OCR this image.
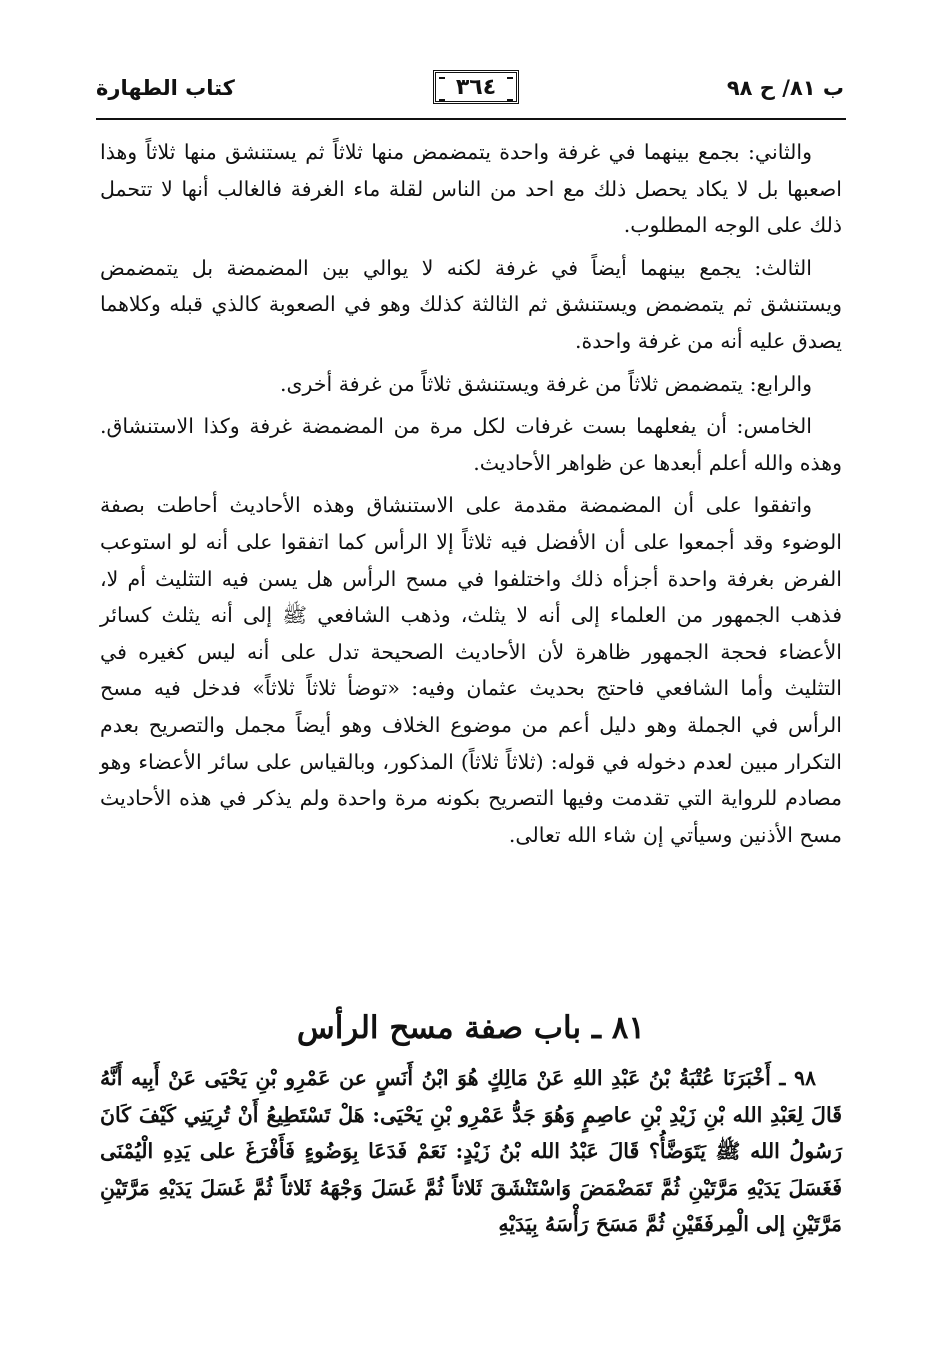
ب ٨١/ ح ٩٨
٣٦٤
كتاب الطهارة

والثاني: بجمع بينهما في غرفة واحدة يتمضمض منها ثلاثاً ثم يستنشق منها ثلاثاً وهذا اصعبها بل لا يكاد يحصل ذلك مع احد من الناس لقلة ماء الغرفة فالغالب أنها لا تتحمل ذلك على الوجه المطلوب.

الثالث: يجمع بينهما أيضاً في غرفة لكنه لا يوالي بين المضمضة بل يتمضمض ويستنشق ثم يتمضمض ويستنشق ثم الثالثة كذلك وهو في الصعوبة كالذي قبله وكلاهما يصدق عليه أنه من غرفة واحدة.

والرابع: يتمضمض ثلاثاً من غرفة ويستنشق ثلاثاً من غرفة أخرى.

الخامس: أن يفعلهما بست غرفات لكل مرة من المضمضة غرفة وكذا الاستنشاق. وهذه والله أعلم أبعدها عن ظواهر الأحاديث.

واتفقوا على أن المضمضة مقدمة على الاستنشاق وهذه الأحاديث أحاطت بصفة الوضوء وقد أجمعوا على أن الأفضل فيه ثلاثاً إلا الرأس كما اتفقوا على أنه لو استوعب الفرض بغرفة واحدة أجزأه ذلك واختلفوا في مسح الرأس هل يسن فيه التثليث أم لا، فذهب الجمهور من العلماء إلى أنه لا يثلث، وذهب الشافعي ﷺ إلى أنه يثلث كسائر الأعضاء فحجة الجمهور ظاهرة لأن الأحاديث الصحيحة تدل على أنه ليس كغيره في التثليث وأما الشافعي فاحتج بحديث عثمان وفيه: «توضأ ثلاثاً ثلاثاً» فدخل فيه مسح الرأس في الجملة وهو دليل أعم من موضوع الخلاف وهو أيضاً مجمل والتصريح بعدم التكرار مبين لعدم دخوله في قوله: (ثلاثاً ثلاثاً) المذكور، وبالقياس على سائر الأعضاء وهو مصادم للرواية التي تقدمت وفيها التصريح بكونه مرة واحدة ولم يذكر في هذه الأحاديث مسح الأذنين وسيأتي إن شاء الله تعالى.

٨١ ـ باب صفة مسح الرأس

٩٨ ـ أَخْبَرَنَا عُتْبَةُ بْنُ عَبْدِ اللهِ عَنْ مَالِكٍ هُوَ ابْنُ أَنَسٍ عن عَمْرِو بْنِ يَحْيَى عَنْ أَبِيه أَنَّهُ قَالَ لِعَبْدِ الله بْنِ زَيْدِ بْنِ عاصِمٍ وَهُوَ جَدُّ عَمْرِو بْنِ يَحْيَى: هَلْ تَسْتَطِيعُ أَنْ تُرِيَنِي كَيْفَ كَانَ رَسُولُ الله ﷺ يَتَوَضَّأُ؟ قَالَ عَبْدُ الله بْنُ زَيْدٍ: نَعَمْ فَدَعَا بِوَضُوءٍ فَأَفْرَغَ على يَدِهِ الْيُمْنَى فَغَسَلَ يَدَيْهِ مَرَّتَيْنِ ثُمَّ تَمَضْمَضَ وَاسْتَنْشَقَ ثَلاثاً ثُمَّ غَسَلَ وَجْهَهُ ثَلاثاً ثُمَّ غَسَلَ يَدَيْهِ مَرَّتَيْنِ مَرَّتَيْنِ إلى الْمِرفَقَيْنِ ثُمَّ مَسَحَ رَأْسَهُ بِيَدَيْهِ
